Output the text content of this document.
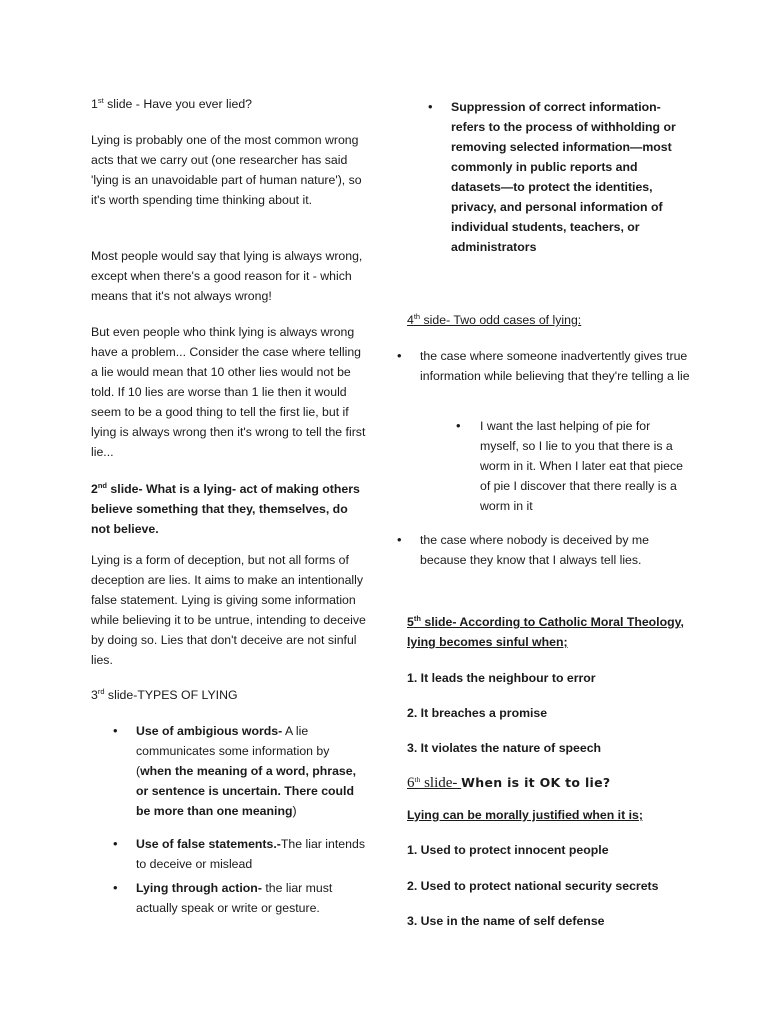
1st slide - Have you ever lied?

Lying is probably one of the most common wrong acts that we carry out (one researcher has said 'lying is an unavoidable part of human nature'), so it's worth spending time thinking about it.

Most people would say that lying is always wrong, except when there's a good reason for it - which means that it's not always wrong!

But even people who think lying is always wrong have a problem... Consider the case where telling a lie would mean that 10 other lies would not be told. If 10 lies are worse than 1 lie then it would seem to be a good thing to tell the first lie, but if lying is always wrong then it's wrong to tell the first lie...

2nd slide- What is a lying- act of making others believe something that they, themselves, do not believe.

Lying is a form of deception, but not all forms of deception are lies. It aims to make an intentionally false statement. Lying is giving some information while believing it to be untrue, intending to deceive by doing so. Lies that don't deceive are not sinful lies.

3rd slide-TYPES OF LYING

• Use of ambigious words- A lie communicates some information by (when the meaning of a word, phrase, or sentence is uncertain. There could be more than one meaning)

• Use of false statements.-The liar intends to deceive or mislead

• Lying through action- the liar must actually speak or write or gesture.

• Suppression of correct information- refers to the process of withholding or removing selected information—most commonly in public reports and datasets—to protect the identities, privacy, and personal information of individual students, teachers, or administrators

4th side- Two odd cases of lying:

• the case where someone inadvertently gives true information while believing that they're telling a lie

• I want the last helping of pie for myself, so I lie to you that there is a worm in it. When I later eat that piece of pie I discover that there really is a worm in it

• the case where nobody is deceived by me because they know that I always tell lies.

5th slide- According to Catholic Moral Theology, lying becomes sinful when;

1. It leads the neighbour to error

2. It breaches a promise

3. It violates the nature of speech

6th slide- When is it OK to lie?

Lying can be morally justified when it is;

1. Used to protect innocent people

2. Used to protect national security secrets

3. Use in the name of self defense
